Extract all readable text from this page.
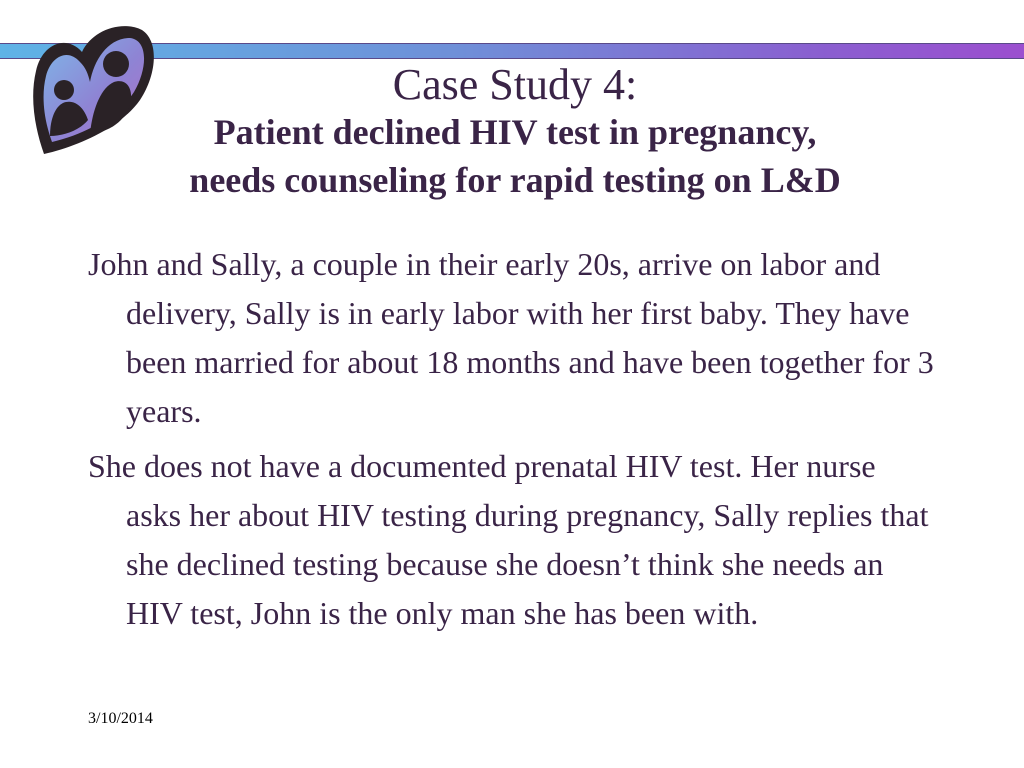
Case Study 4:

Patient declined HIV test in pregnancy,

needs counseling for rapid testing on L&D

John and Sally, a couple in their early 20s, arrive on labor and delivery, Sally is in early labor with her first baby. They have been married for about 18 months and have been together for 3 years.

She does not have a documented prenatal HIV test. Her nurse asks her about HIV testing during pregnancy, Sally replies that she declined testing because she doesn’t think she needs an HIV test, John is the only man she has been with.

3/10/2014
